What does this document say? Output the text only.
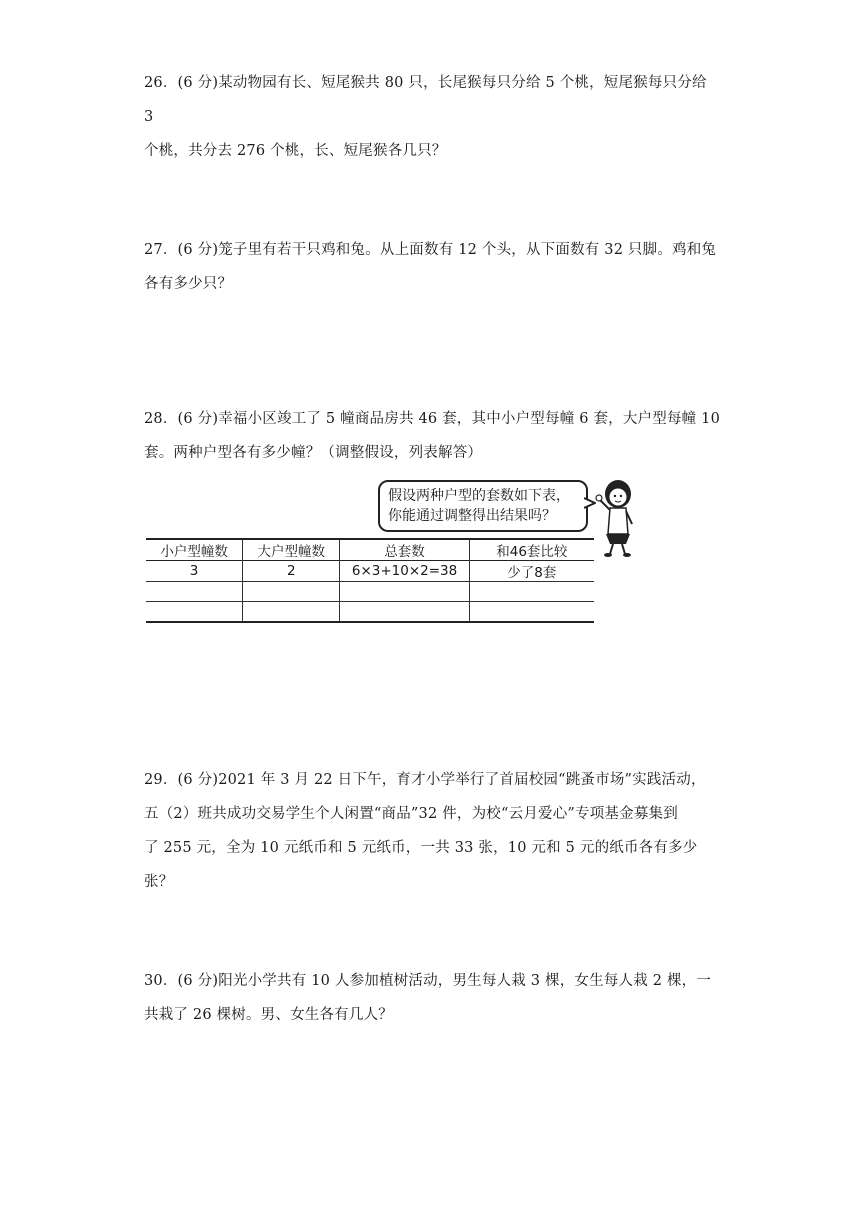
26．(6 分)某动物园有长、短尾猴共 80 只，长尾猴每只分给 5 个桃，短尾猴每只分给 3
个桃，共分去 276 个桃，长、短尾猴各几只？
27．(6 分)笼子里有若干只鸡和兔。从上面数有 12 个头，从下面数有 32 只脚。鸡和兔
各有多少只？
28．(6 分)幸福小区竣工了 5 幢商品房共 46 套，其中小户型每幢 6 套，大户型每幢 10
套。两种户型各有多少幢？（调整假设，列表解答）
假设两种户型的套数如下表，
你能通过调整得出结果吗？
小户型幢数	大户型幢数	总套数	和46套比较
3	2	6×3+10×2=38	少了8套

29．(6 分)2021 年 3 月 22 日下午，育才小学举行了首届校园“跳蚤市场”实践活动，
五（2）班共成功交易学生个人闲置“商品”32 件，为校“云月爱心”专项基金募集到
了 255 元，全为 10 元纸币和 5 元纸币，一共 33 张，10 元和 5 元的纸币各有多少张？
30．(6 分)阳光小学共有 10 人参加植树活动，男生每人栽 3 棵，女生每人栽 2 棵，一
共栽了 26 棵树。男、女生各有几人？
